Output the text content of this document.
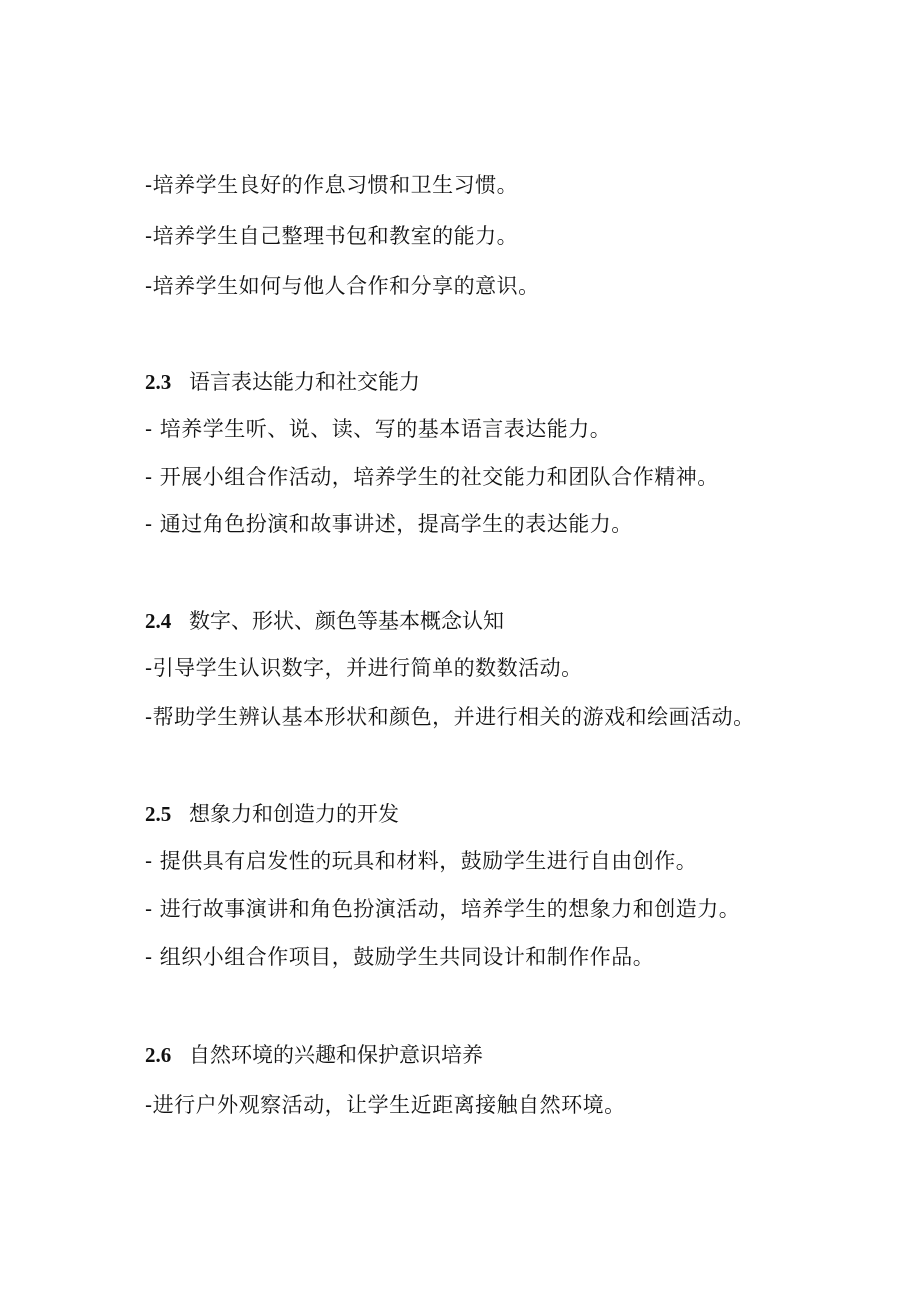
-培养学生良好的作息习惯和卫生习惯。
-培养学生自己整理书包和教室的能力。
-培养学生如何与他人合作和分享的意识。
2.3 语言表达能力和社交能力
- 培养学生听、说、读、写的基本语言表达能力。
- 开展小组合作活动，培养学生的社交能力和团队合作精神。
- 通过角色扮演和故事讲述，提高学生的表达能力。
2.4 数字、形状、颜色等基本概念认知
-引导学生认识数字，并进行简单的数数活动。
-帮助学生辨认基本形状和颜色，并进行相关的游戏和绘画活动。
2.5 想象力和创造力的开发
- 提供具有启发性的玩具和材料，鼓励学生进行自由创作。
- 进行故事演讲和角色扮演活动，培养学生的想象力和创造力。
- 组织小组合作项目，鼓励学生共同设计和制作作品。
2.6 自然环境的兴趣和保护意识培养
-进行户外观察活动，让学生近距离接触自然环境。
